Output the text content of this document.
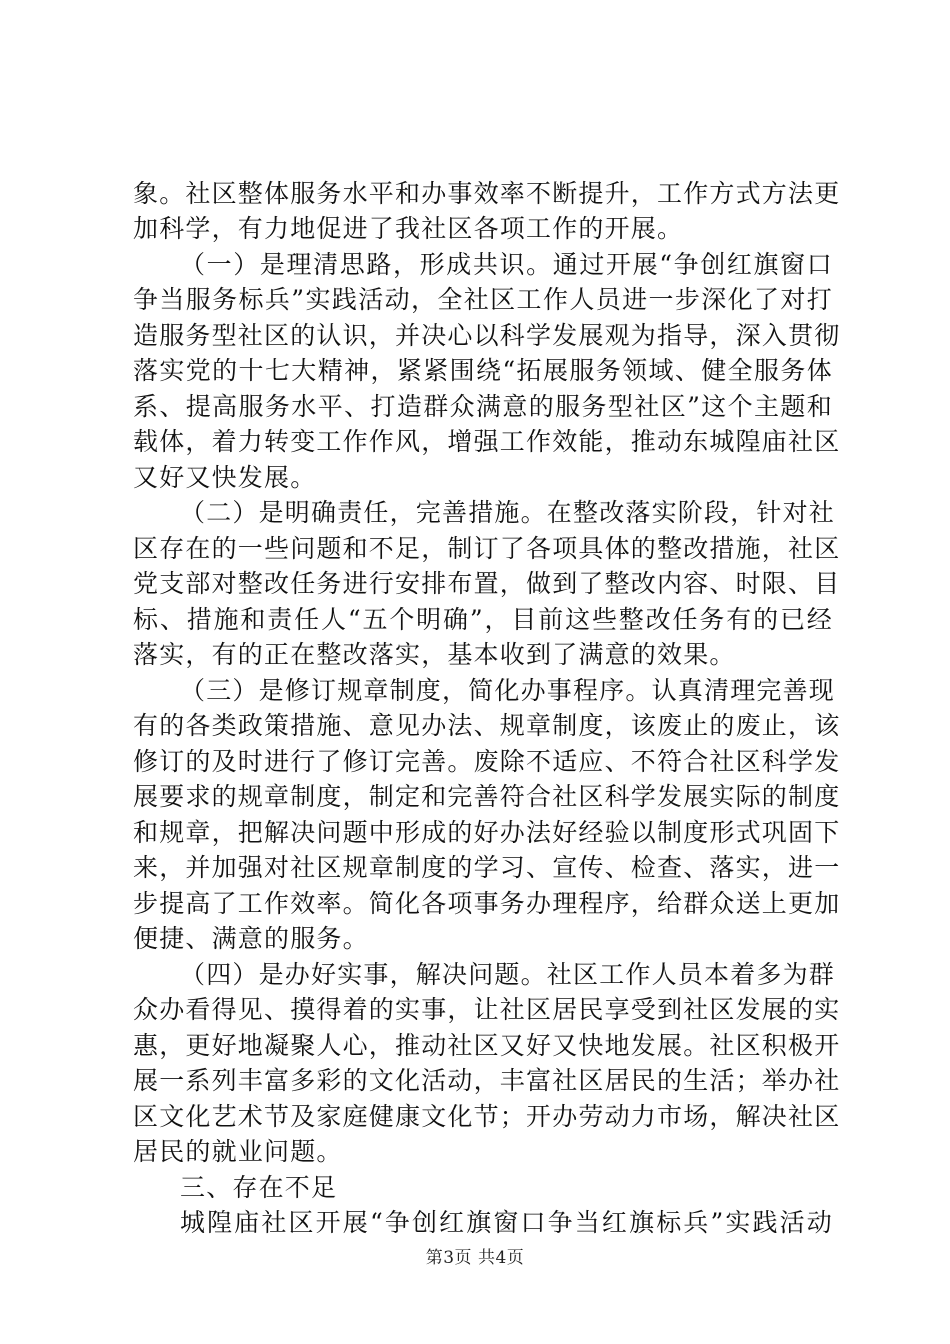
象。社区整体服务水平和办事效率不断提升，工作方式方法更
加科学，有力地促进了我社区各项工作的开展。
（一）是理清思路，形成共识。通过开展“争创红旗窗口
争当服务标兵”实践活动，全社区工作人员进一步深化了对打
造服务型社区的认识，并决心以科学发展观为指导，深入贯彻
落实党的十七大精神，紧紧围绕“拓展服务领域、健全服务体
系、提高服务水平、打造群众满意的服务型社区”这个主题和
载体，着力转变工作作风，增强工作效能，推动东城隍庙社区
又好又快发展。
（二）是明确责任，完善措施。在整改落实阶段，针对社
区存在的一些问题和不足，制订了各项具体的整改措施，社区
党支部对整改任务进行安排布置，做到了整改内容、时限、目
标、措施和责任人“五个明确”，目前这些整改任务有的已经
落实，有的正在整改落实，基本收到了满意的效果。
（三）是修订规章制度，简化办事程序。认真清理完善现
有的各类政策措施、意见办法、规章制度，该废止的废止，该
修订的及时进行了修订完善。废除不适应、不符合社区科学发
展要求的规章制度，制定和完善符合社区科学发展实际的制度
和规章，把解决问题中形成的好办法好经验以制度形式巩固下
来，并加强对社区规章制度的学习、宣传、检查、落实，进一
步提高了工作效率。简化各项事务办理程序，给群众送上更加
便捷、满意的服务。
（四）是办好实事，解决问题。社区工作人员本着多为群
众办看得见、摸得着的实事，让社区居民享受到社区发展的实
惠，更好地凝聚人心，推动社区又好又快地发展。社区积极开
展一系列丰富多彩的文化活动，丰富社区居民的生活；举办社
区文化艺术节及家庭健康文化节；开办劳动力市场，解决社区
居民的就业问题。
三、存在不足
城隍庙社区开展“争创红旗窗口争当红旗标兵”实践活动
第3页 共4页
